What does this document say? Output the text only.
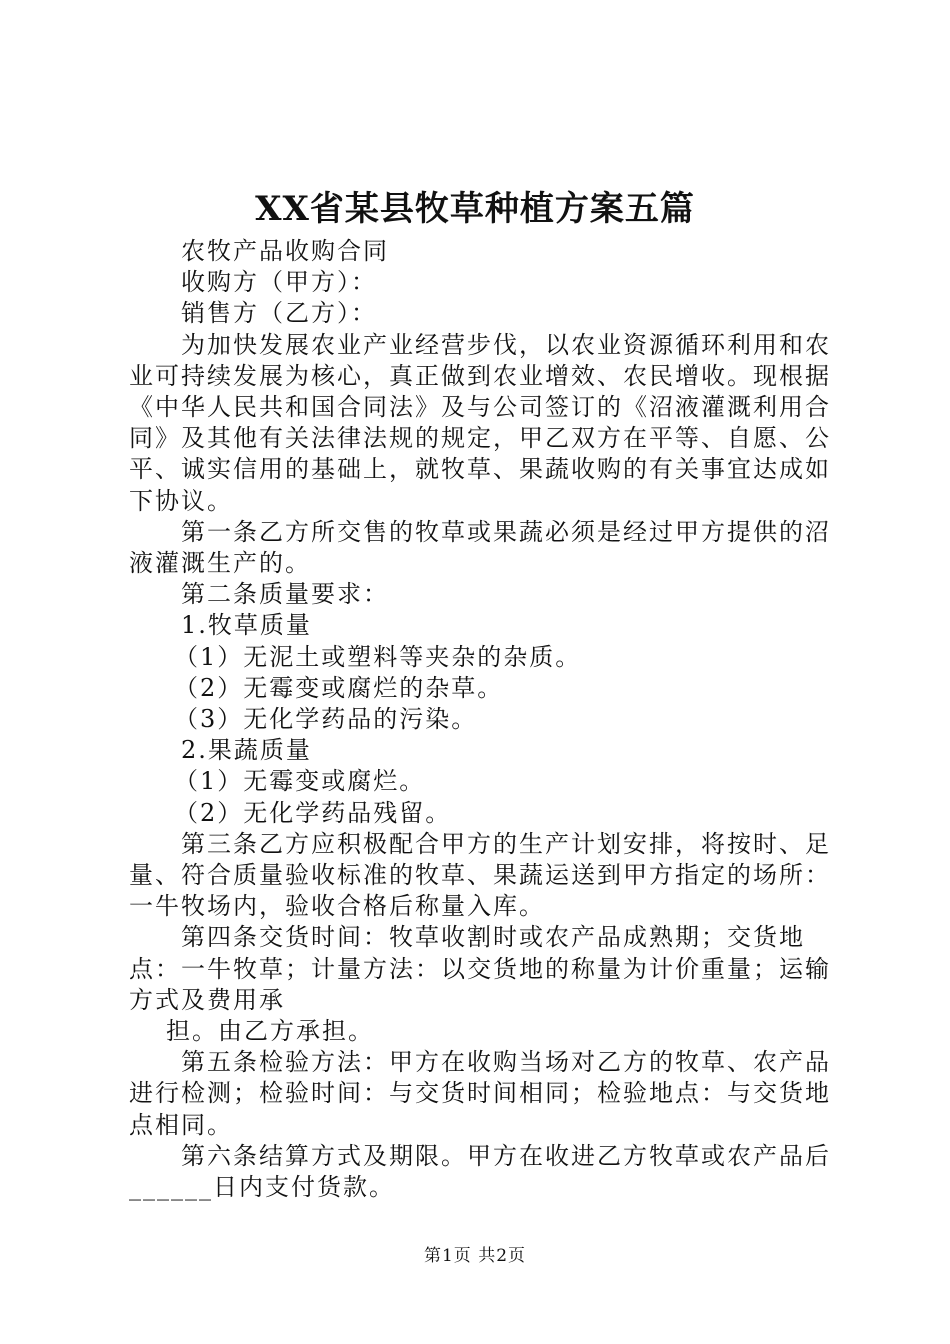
XX省某县牧草种植方案五篇

农牧产品收购合同

收购方（甲方）：

销售方（乙方）：

为加快发展农业产业经营步伐，以农业资源循环利用和农业可持续发展为核心，真正做到农业增效、农民增收。现根据《中华人民共和国合同法》及与公司签订的《沼液灌溉利用合同》及其他有关法律法规的规定，甲乙双方在平等、自愿、公平、诚实信用的基础上，就牧草、果蔬收购的有关事宜达成如下协议。

第一条乙方所交售的牧草或果蔬必须是经过甲方提供的沼液灌溉生产的。

第二条质量要求：

1.牧草质量

（1）无泥土或塑料等夹杂的杂质。

（2）无霉变或腐烂的杂草。

（3）无化学药品的污染。

2.果蔬质量

（1）无霉变或腐烂。

（2）无化学药品残留。

第三条乙方应积极配合甲方的生产计划安排，将按时、足量、符合质量验收标准的牧草、果蔬运送到甲方指定的场所：一牛牧场内，验收合格后称量入库。

第四条交货时间：牧草收割时或农产品成熟期；交货地点：一牛牧草；计量方法：以交货地的称量为计价重量；运输方式及费用承

担。由乙方承担。

第五条检验方法：甲方在收购当场对乙方的牧草、农产品进行检测；检验时间：与交货时间相同；检验地点：与交货地点相同。

第六条结算方式及期限。甲方在收进乙方牧草或农产品后______日内支付货款。

第1页 共2页
